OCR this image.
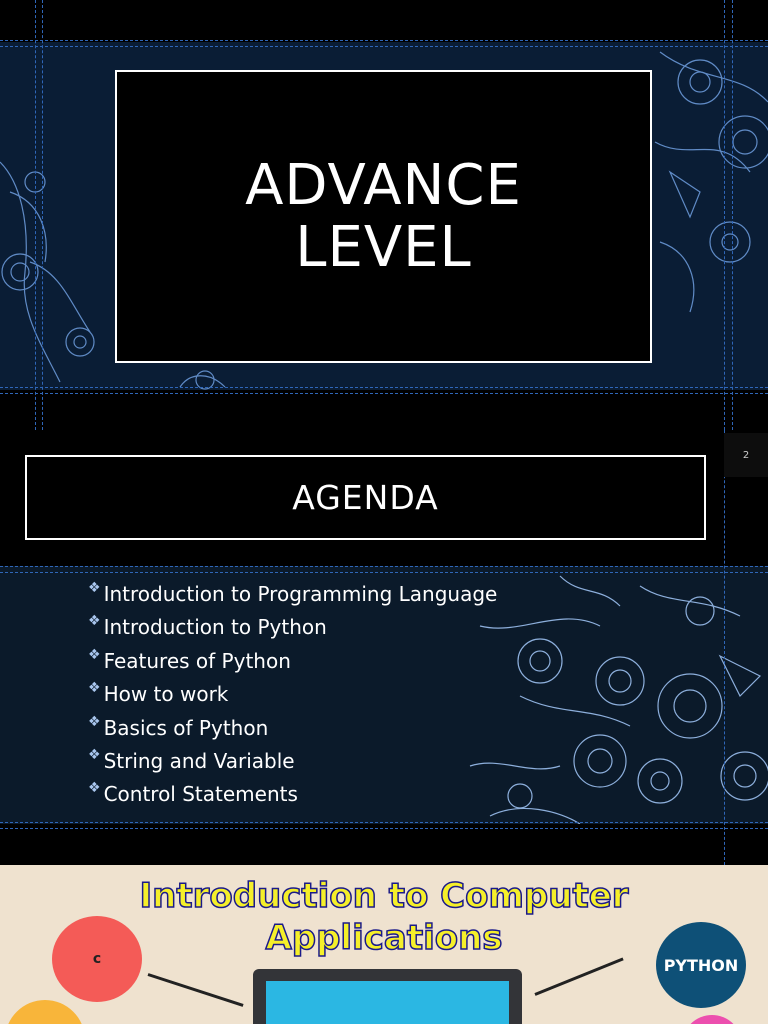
ADVANCE
LEVEL
2
AGENDA
❖ Introduction to Programming Language
❖ Introduction to Python
❖ Features of Python
❖ How to work
❖ Basics of Python
❖ String and Variable
❖ Control Statements
Introduction to Computer
Applications
c	PYTHON
